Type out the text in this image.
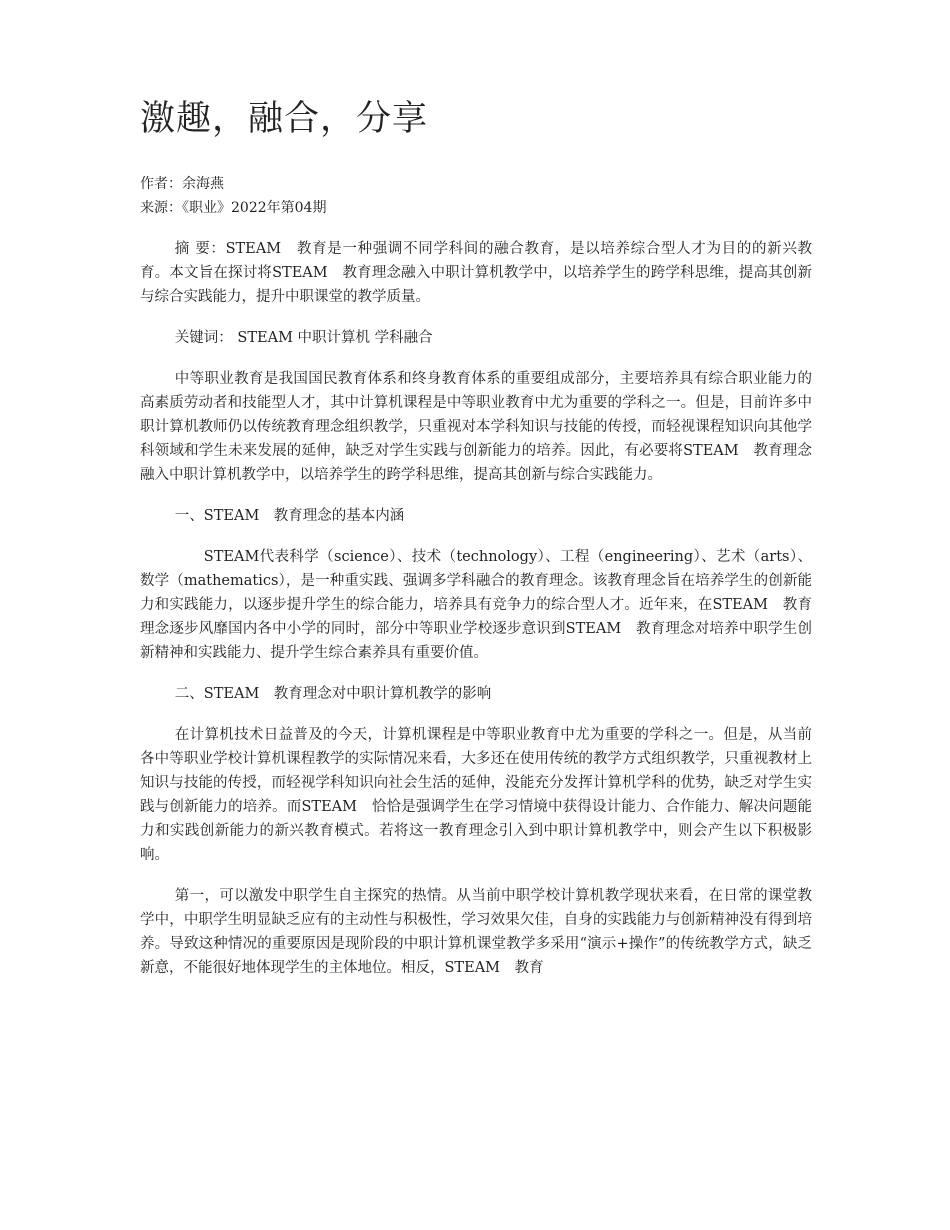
激趣，融合，分享
作者：余海燕
来源：《职业》2022年第04期

摘 要：STEAM　教育是一种强调不同学科间的融合教育，是以培养综合型人才为目的的新兴教育。本文旨在探讨将STEAM　教育理念融入中职计算机教学中，以培养学生的跨学科思维，提高其创新与综合实践能力，提升中职课堂的教学质量。

关键词： STEAM 中职计算机 学科融合

中等职业教育是我国国民教育体系和终身教育体系的重要组成部分，主要培养具有综合职业能力的高素质劳动者和技能型人才，其中计算机课程是中等职业教育中尤为重要的学科之一。但是，目前许多中职计算机教师仍以传统教育理念组织教学，只重视对本学科知识与技能的传授，而轻视课程知识向其他学科领域和学生未来发展的延伸，缺乏对学生实践与创新能力的培养。因此，有必要将STEAM　教育理念融入中职计算机教学中，以培养学生的跨学科思维，提高其创新与综合实践能力。

一、STEAM　教育理念的基本内涵

STEAM代表科学（science）、技术（technology）、工程（engineering）、艺术（arts）、数学（mathematics），是一种重实践、强调多学科融合的教育理念。该教育理念旨在培养学生的创新能力和实践能力，以逐步提升学生的综合能力，培养具有竞争力的综合型人才。近年来，在STEAM　教育理念逐步风靡国内各中小学的同时，部分中等职业学校逐步意识到STEAM　教育理念对培养中职学生创新精神和实践能力、提升学生综合素养具有重要价值。

二、STEAM　教育理念对中职计算机教学的影响

在计算机技术日益普及的今天，计算机课程是中等职业教育中尤为重要的学科之一。但是，从当前各中等职业学校计算机课程教学的实际情况来看，大多还在使用传统的教学方式组织教学，只重视教材上知识与技能的传授，而轻视学科知识向社会生活的延伸，没能充分发挥计算机学科的优势，缺乏对学生实践与创新能力的培养。而STEAM　恰恰是强调学生在学习情境中获得设计能力、合作能力、解决问题能力和实践创新能力的新兴教育模式。若将这一教育理念引入到中职计算机教学中，则会产生以下积极影响。

第一，可以激发中职学生自主探究的热情。从当前中职学校计算机教学现状来看，在日常的课堂教学中，中职学生明显缺乏应有的主动性与积极性，学习效果欠佳，自身的实践能力与创新精神没有得到培养。导致这种情况的重要原因是现阶段的中职计算机课堂教学多采用“演示+操作”的传统教学方式，缺乏新意，不能很好地体现学生的主体地位。相反，STEAM　教育
